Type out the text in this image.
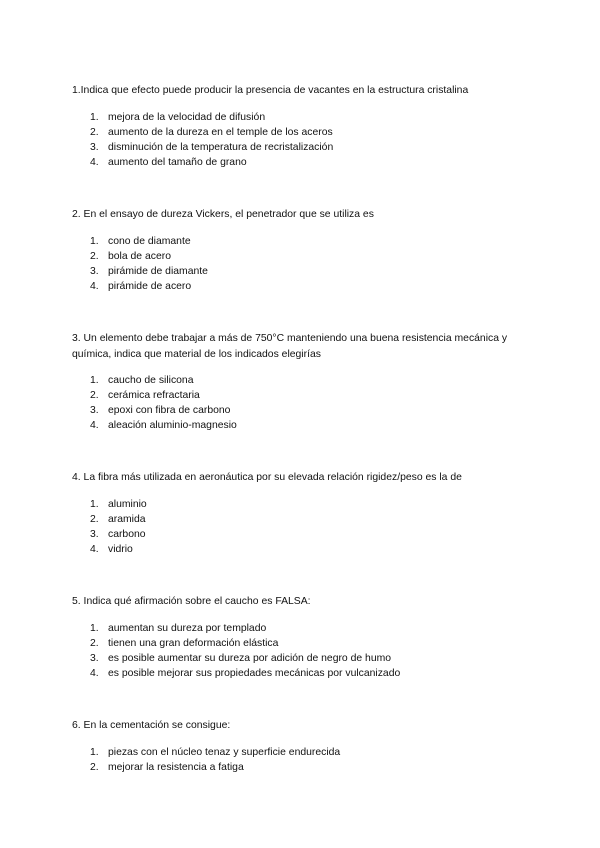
1.Indica que efecto puede producir la presencia de vacantes en la estructura cristalina

1. mejora de la velocidad de difusión
2. aumento de la dureza en el temple de los aceros
3. disminución de la temperatura de recristalización
4. aumento del tamaño de grano

2. En el ensayo de dureza Vickers, el penetrador que se utiliza es

1. cono de diamante
2. bola de acero
3. pirámide de diamante
4. pirámide de acero

3. Un elemento debe trabajar a más de 750°C manteniendo una buena resistencia mecánica y química, indica que material de los indicados elegirías

1. caucho de silicona
2. cerámica refractaria
3. epoxi con fibra de carbono
4. aleación aluminio-magnesio

4. La fibra más utilizada en aeronáutica por su elevada relación rigidez/peso es la de

1. aluminio
2. aramida
3. carbono
4. vidrio

5. Indica qué afirmación sobre el caucho es FALSA:

1. aumentan su dureza por templado
2. tienen una gran deformación elástica
3. es posible aumentar su dureza por adición de negro de humo
4. es posible mejorar sus propiedades mecánicas por vulcanizado

6. En la cementación se consigue:

1. piezas con el núcleo tenaz y superficie endurecida
2. mejorar la resistencia a fatiga
